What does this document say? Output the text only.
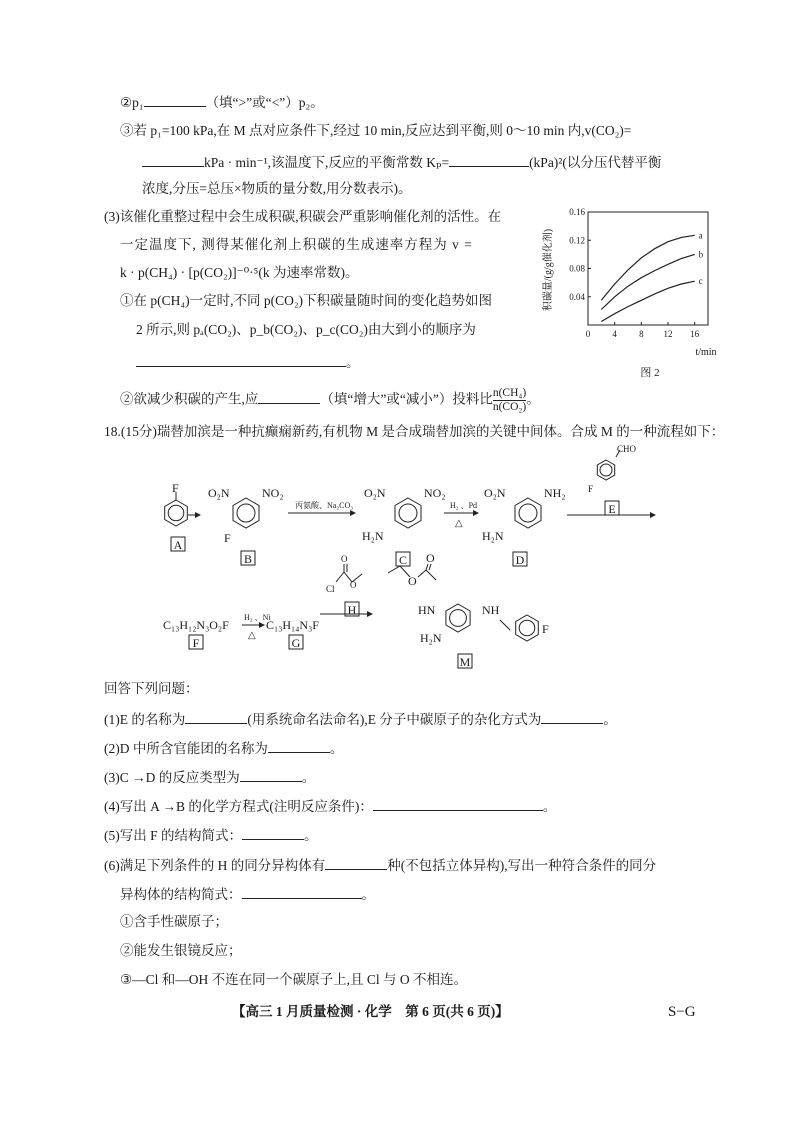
②p₁	（填“>”或“<”）p₂。
③若 p₁=100 kPa,在 M 点对应条件下,经过 10 min,反应达到平衡,则 0～10 min 内,v(CO₂)=
kPa · min⁻¹,该温度下,反应的平衡常数 Kₚ=	(kPa)²(以分压代替平衡
浓度,分压=总压×物质的量分数,用分数表示)。
(3)该催化重整过程中会生成积碳,积碳会严重影响催化剂的活性。在
一定温度下, 测得某催化剂上积碳的生成速率方程为 v =
k · p(CH₄) · [p(CO₂)]⁻⁰·⁵(k 为速率常数)。
①在 p(CH₄)一定时,不同 p(CO₂)下积碳量随时间的变化趋势如图
2 所示,则 pₐ(CO₂)、p_b(CO₂)、p_c(CO₂)由大到小的顺序为
。
②欲减少积碳的产生,应	（填“增大”或“减小”）投料比 $\frac{\text{n(CH₄)}}{\text{n(CO₂)}}$ 。
0 4 8 12 16
0.04
0.08
0.12
0.16
a
b
c
图 2
t/min
积碳量/(g/g催化剂)
18.(15分)瑞替加滨是一种抗癫痫新药,有机物 M 是合成瑞替加滨的关键中间体。合成 M 的一种流程如下：
F O₂N	NO₂
F
丙氨酸、Na₂CO₃
O₂N	NO₂
H₂N
H₂ 、Pd
△
O₂N	NH₂
H₂N
CHO
F
C₁₃H₁₂N₃O₂F
H₂ 、Ni
△
C₁₃H₁₄N₃F
O
Cl O
O
O
HN	NH
H₂N
F
A
B	C	D
E
F	G
H
M
回答下列问题：
(1)E 的名称为	(用系统命名法命名),E 分子中碳原子的杂化方式为	。
(2)D 中所含官能团的名称为	。
(3)C →D 的反应类型为	。
(4)写出 A →B 的化学方程式(注明反应条件)：	。
(5)写出 F 的结构简式：	。
(6)满足下列条件的 H 的同分异构体有	种(不包括立体异构),写出一种符合条件的同分
异构体的结构简式：	。
①含手性碳原子；
②能发生银镜反应；
③—Cl 和—OH 不连在同一个碳原子上,且 Cl 与 O 不相连。
【高三 1 月质量检测 · 化学　第 6 页(共 6 页)】	S−G
